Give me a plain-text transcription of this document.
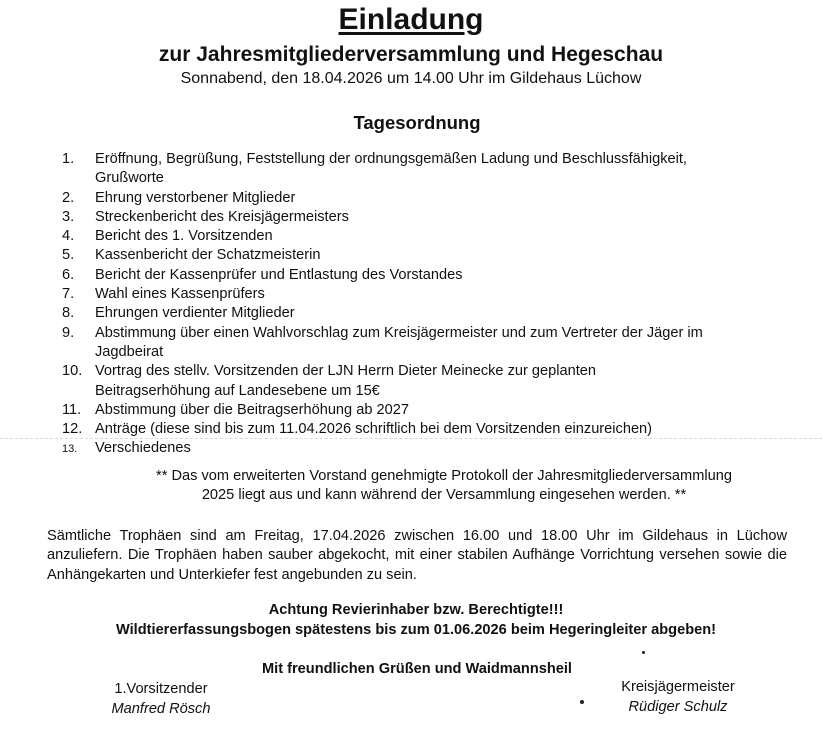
Einladung
zur Jahresmitgliederversammlung und Hegeschau
Sonnabend, den 18.04.2026 um 14.00 Uhr im Gildehaus Lüchow
Tagesordnung
1.	Eröffnung, Begrüßung, Feststellung der ordnungsgemäßen Ladung und Beschlussfähigkeit,
Grußworte
2.	Ehrung verstorbener Mitglieder
3.	Streckenbericht des Kreisjägermeisters
4.	Bericht des 1. Vorsitzenden
5.	Kassenbericht der Schatzmeisterin
6.	Bericht der Kassenprüfer und Entlastung des Vorstandes
7.	Wahl eines Kassenprüfers
8.	Ehrungen verdienter Mitglieder
9.	Abstimmung über einen Wahlvorschlag zum Kreisjägermeister und zum Vertreter der Jäger im
Jagdbeirat
10. Vortrag des stellv. Vorsitzenden der LJN Herrn Dieter Meinecke zur geplanten
Beitragserhöhung auf Landesebene um 15€
11. Abstimmung über die Beitragserhöhung ab 2027
12. Anträge (diese sind bis zum 11.04.2026 schriftlich bei dem Vorsitzenden einzureichen)
13.	Verschiedenes
** Das vom erweiterten Vorstand genehmigte Protokoll der Jahresmitgliederversammlung
2025 liegt aus und kann während der Versammlung eingesehen werden. **
Sämtliche Trophäen sind am Freitag, 17.04.2026 zwischen 16.00 und 18.00 Uhr im Gildehaus in Lüchow anzuliefern. Die Trophäen haben sauber abgekocht, mit einer stabilen Aufhänge Vorrichtung versehen sowie die Anhängekarten und Unterkiefer fest angebunden zu sein.
Achtung Revierinhaber bzw. Berechtigte!!!
Wildtiererfassungsbogen spätestens bis zum 01.06.2026 beim Hegeringleiter abgeben!
Mit freundlichen Grüßen und Waidmannsheil
1.Vorsitzender
Manfred Rösch
Kreisjägermeister
Rüdiger Schulz
